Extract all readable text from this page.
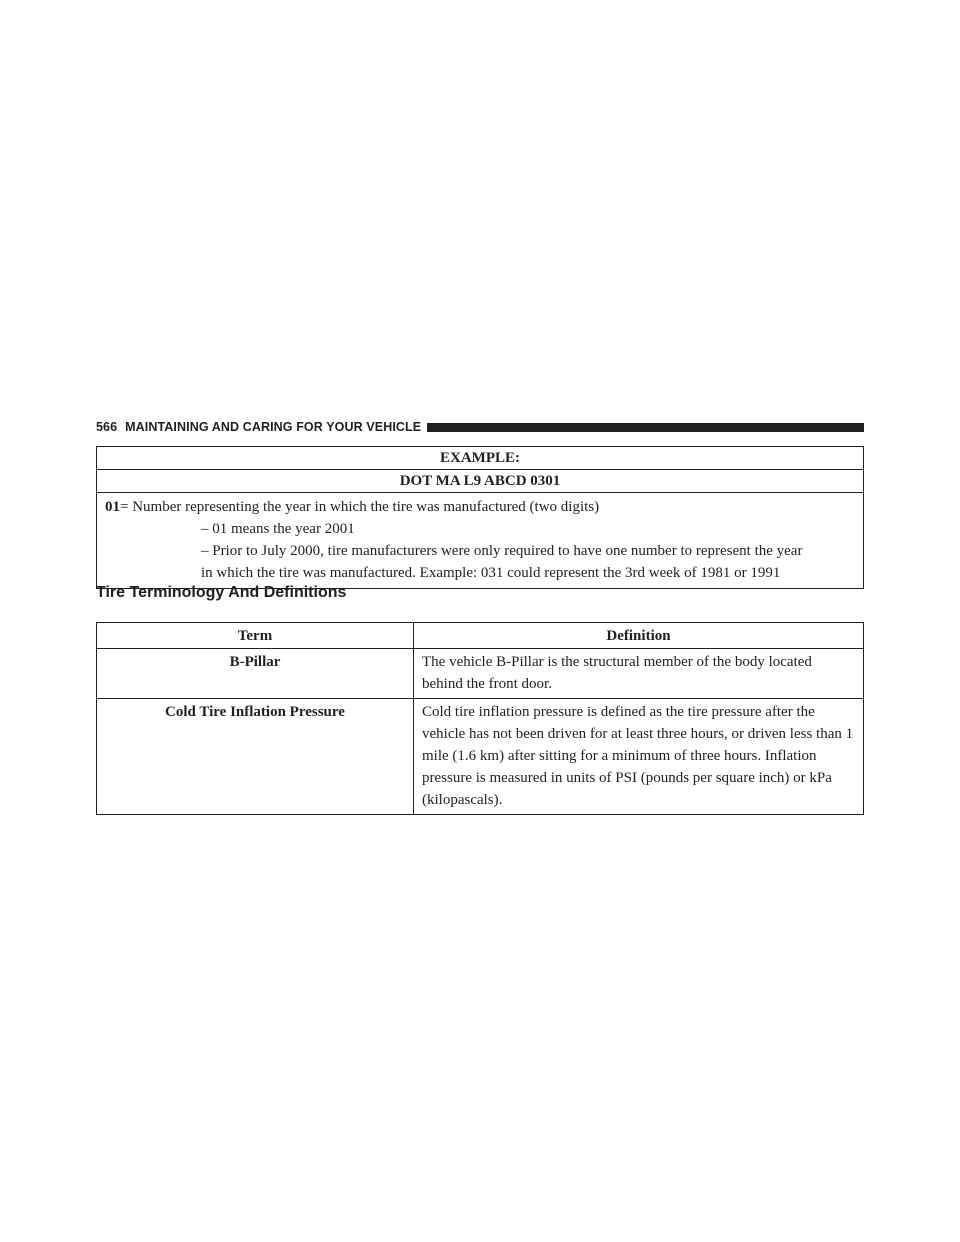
566 MAINTAINING AND CARING FOR YOUR VEHICLE
EXAMPLE:
DOT MA L9 ABCD 0301

01= Number representing the year in which the tire was manufactured (two digits)
– 01 means the year 2001
– Prior to July 2000, tire manufacturers were only required to have one number to represent the year
in which the tire was manufactured. Example: 031 could represent the 3rd week of 1981 or 1991
Tire Terminology And Definitions
Term	Definition
B-Pillar	The vehicle B-Pillar is the structural member of the body located behind the front door.
Cold Tire Inflation Pressure	Cold tire inflation pressure is defined as the tire pressure after the vehicle has not been driven for at least three hours, or driven less than 1 mile (1.6 km) after sitting for a minimum of three hours. Inflation pressure is measured in units of PSI (pounds per square inch) or kPa (kilopascals).
